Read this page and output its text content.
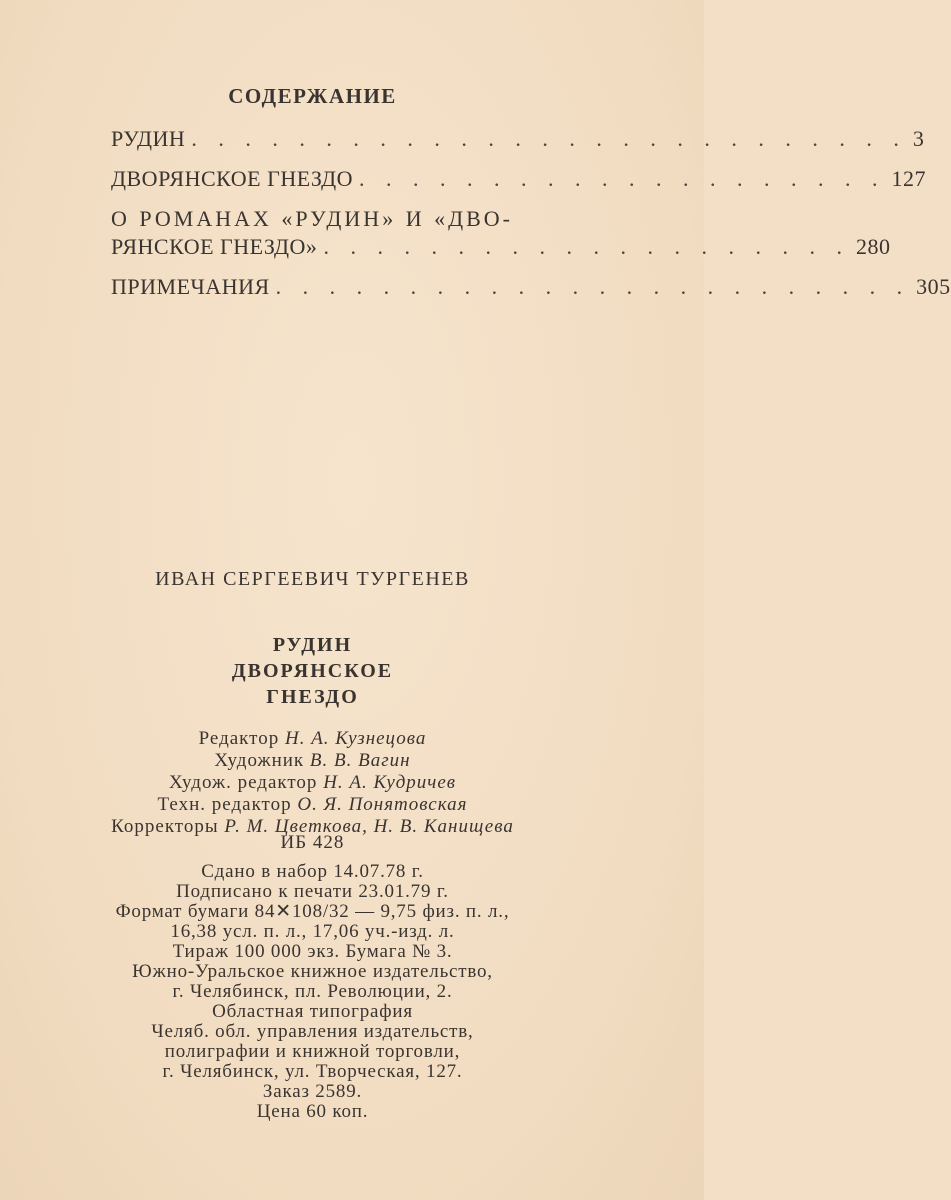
СОДЕРЖАНИЕ
РУДИН . . . . . . . . . . . . . . . . . . . . . . . . . . . 3
ДВОРЯНСКОЕ ГНЕЗДО . . . . . . . . . . . . . . . . . . . . 127
О РОМАНАХ «РУДИН» И «ДВО-
РЯНСКОЕ ГНЕЗДО» . . . . . . . . . . . . . . . . . . . . 280
ПРИМЕЧАНИЯ . . . . . . . . . . . . . . . . . . . . . . . . 305
ИВАН СЕРГЕЕВИЧ ТУРГЕНЕВ
РУДИН
ДВОРЯНСКОЕ
ГНЕЗДО
Редактор Н. А. Кузнецова
Художник В. В. Вагин
Худож. редактор Н. А. Кудричев
Техн. редактор О. Я. Понятовская
Корректоры Р. М. Цветкова, Н. В. Канищева
ИБ 428
Сдано в набор 14.07.78 г.
Подписано к печати 23.01.79 г.
Формат бумаги 84✕108/32 — 9,75 физ. п. л.,
16,38 усл. п. л., 17,06 уч.-изд. л.
Тираж 100 000 экз. Бумага № 3.
Южно-Уральское книжное издательство,
г. Челябинск, пл. Революции, 2.
Областная типография
Челяб. обл. управления издательств,
полиграфии и книжной торговли,
г. Челябинск, ул. Творческая, 127.
Заказ 2589.
Цена 60 коп.
